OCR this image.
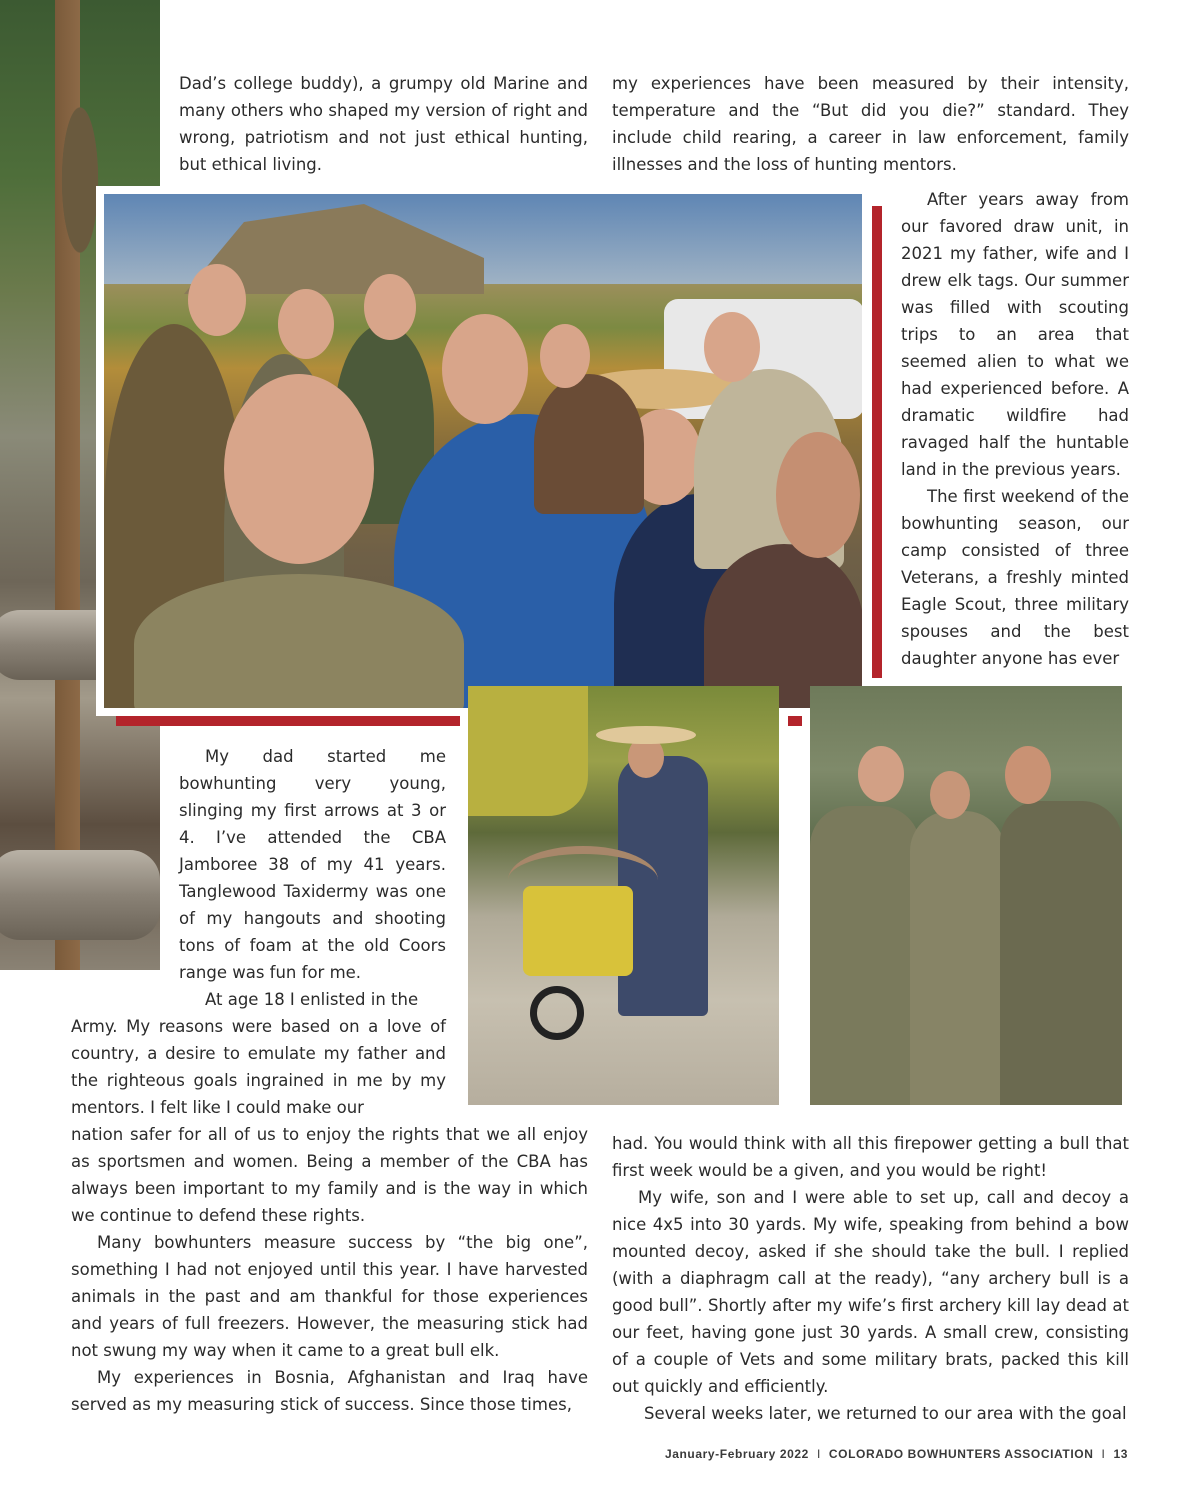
Dad’s college buddy), a grumpy old Marine and many others who shaped my version of right and wrong, patriotism and not just ethical hunting, but ethical living.

my experiences have been measured by their intensity, temperature and the “But did you die?” standard. They include child rearing, a career in law enforcement, family illnesses and the loss of hunting mentors.

After years away from our favored draw unit, in 2021 my father, wife and I drew elk tags. Our summer was filled with scouting trips to an area that seemed alien to what we had experienced before. A dramatic wildfire had ravaged half the huntable land in the previous years.

The first weekend of the bowhunting season, our camp consisted of three Veterans, a freshly minted Eagle Scout, three military spouses and the best daughter anyone has ever

My dad started me bowhunting very young, slinging my first arrows at 3 or 4. I’ve attended the CBA Jamboree 38 of my 41 years. Tanglewood Taxidermy was one of my hangouts and shooting tons of foam at the old Coors range was fun for me.

At age 18 I enlisted in the

Army. My reasons were based on a love of country, a desire to emulate my father and the righteous goals ingrained in me by my mentors. I felt like I could make our

nation safer for all of us to enjoy the rights that we all enjoy as sportsmen and women. Being a member of the CBA has always been important to my family and is the way in which we continue to defend these rights.

Many bowhunters measure success by “the big one”, something I had not enjoyed until this year. I have harvested animals in the past and am thankful for those experiences and years of full freezers. However, the measuring stick had not swung my way when it came to a great bull elk.

My experiences in Bosnia, Afghanistan and Iraq have served as my measuring stick of success. Since those times,

had. You would think with all this firepower getting a bull that first week would be a given, and you would be right!

My wife, son and I were able to set up, call and decoy a nice 4x5 into 30 yards. My wife, speaking from behind a bow mounted decoy, asked if she should take the bull. I replied (with a diaphragm call at the ready), “any archery bull is a good bull”. Shortly after my wife’s first archery kill lay dead at our feet, having gone just 30 yards. A small crew, consisting of a couple of Vets and some military brats, packed this kill out quickly and efficiently.

Several weeks later, we returned to our area with the goal

January-February 2022 I COLORADO BOWHUNTERS ASSOCIATION I 13
